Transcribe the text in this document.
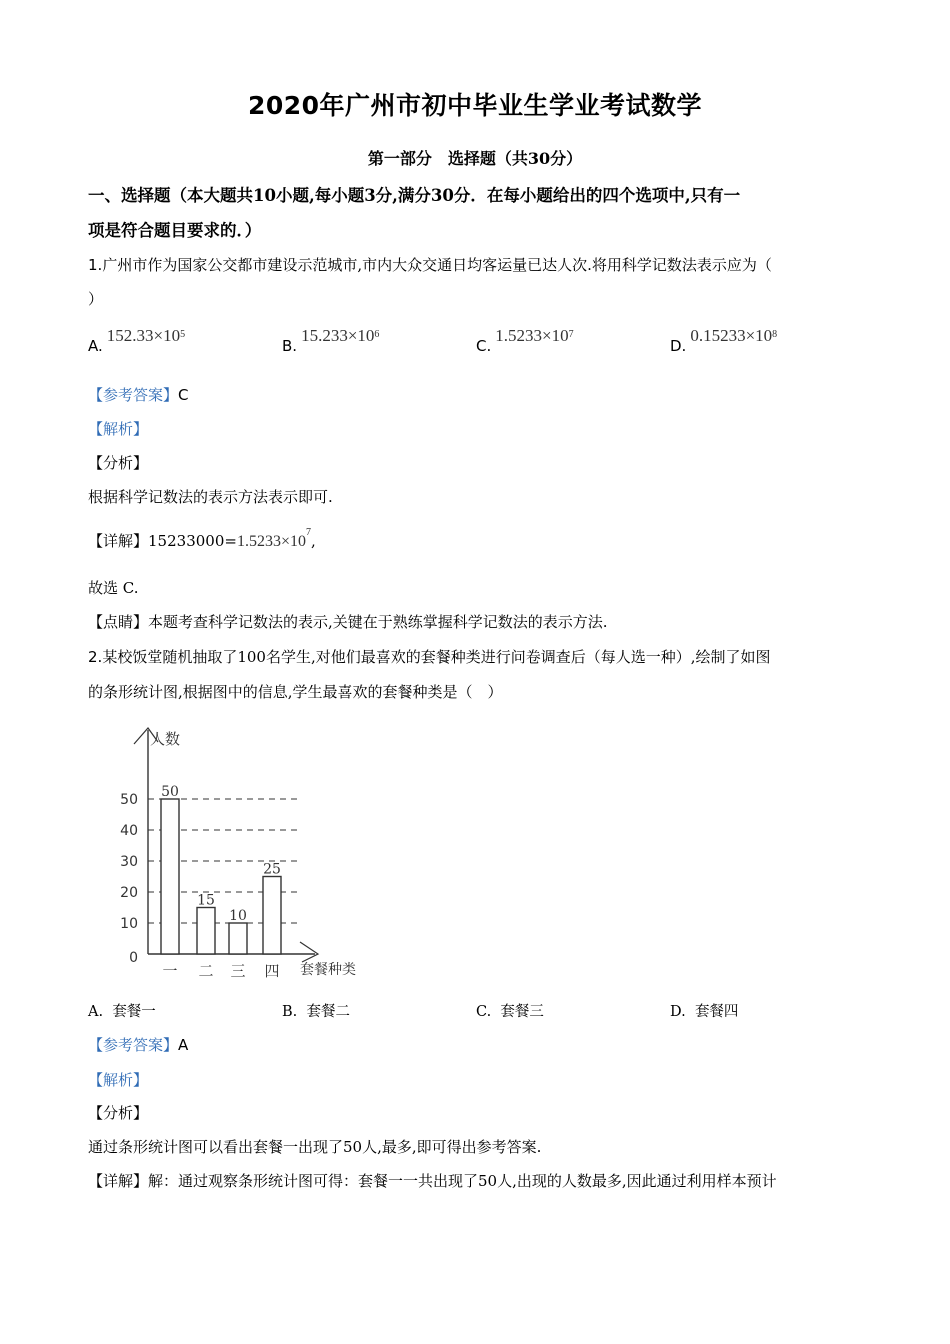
2020年广州市初中毕业生学业考试数学
第一部分　选择题（共30分）
一、选择题（本大题共10小题,每小题3分,满分30分．在每小题给出的四个选项中,只有一
项是符合题目要求的．）
1.广州市作为国家公交都市建设示范城市,市内大众交通日均客运量已达人次.将用科学记数法表示应为（
）
$A.152.33\times 10^5$
$B.15.233\times 10^6$
$C.1.5233\times 10^7$
$D.0.15233\times 10^8$
【参考答案】C
【解析】
【分析】
根据科学记数法的表示方法表示即可.
【详解】$15233000=1.5233\times 10^7$,
故选 C.
【点睛】本题考查科学记数法的表示,关键在于熟练掌握科学记数法的表示方法.
2.某校饭堂随机抽取了100名学生,对他们最喜欢的套餐种类进行问卷调查后（每人选一种）,绘制了如图
的条形统计图,根据图中的信息,学生最喜欢的套餐种类是（　）
人数
套餐种类
0
10
20
30
40
50 50
一
15
二
10
三
25
四
A. 套餐一	B. 套餐二	C. 套餐三	D. 套餐四
【参考答案】A
【解析】
【分析】
通过条形统计图可以看出套餐一出现了50人,最多,即可得出参考答案.
【详解】解：通过观察条形统计图可得：套餐一一共出现了50人,出现的人数最多,因此通过利用样本预计
